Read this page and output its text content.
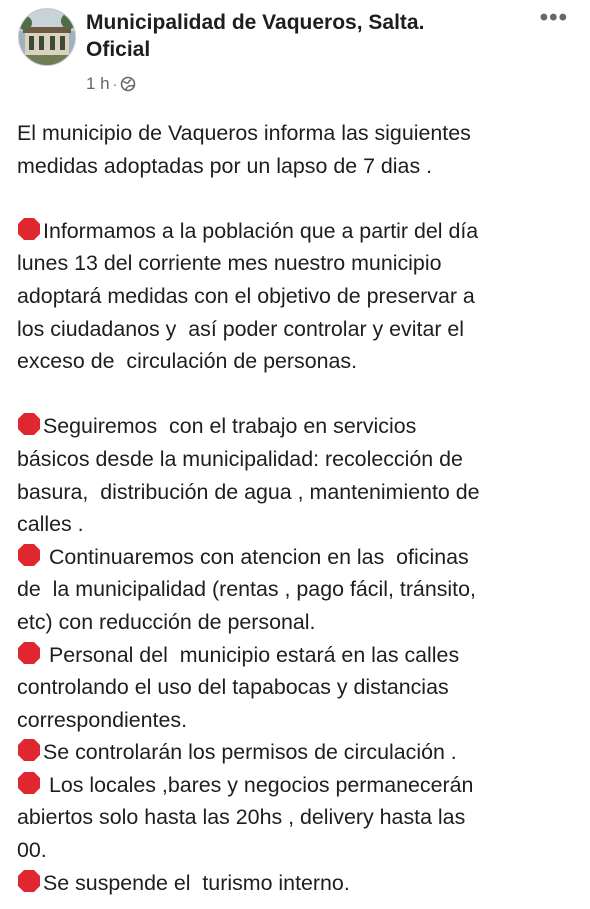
Municipalidad de Vaqueros, Salta.
Oficial
1 h ·
•••
El municipio de Vaqueros informa las siguientes
medidas adoptadas por un lapso de 7 dias .
Informamos a la población que a partir del día
lunes 13 del corriente mes nuestro municipio
adoptará medidas con el objetivo de preservar a
los ciudadanos y  así poder controlar y evitar el
exceso de  circulación de personas.
Seguiremos  con el trabajo en servicios
básicos desde la municipalidad: recolección de
basura,  distribución de agua , mantenimiento de
calles .
Continuaremos con atencion en las  oficinas
de  la municipalidad (rentas , pago fácil, tránsito,
etc) con reducción de personal.
Personal del  municipio estará en las calles
controlando el uso del tapabocas y distancias
correspondientes.
Se controlarán los permisos de circulación .
Los locales ,bares y negocios permanecerán
abiertos solo hasta las 20hs , delivery hasta las
00.
Se suspende el  turismo interno.
